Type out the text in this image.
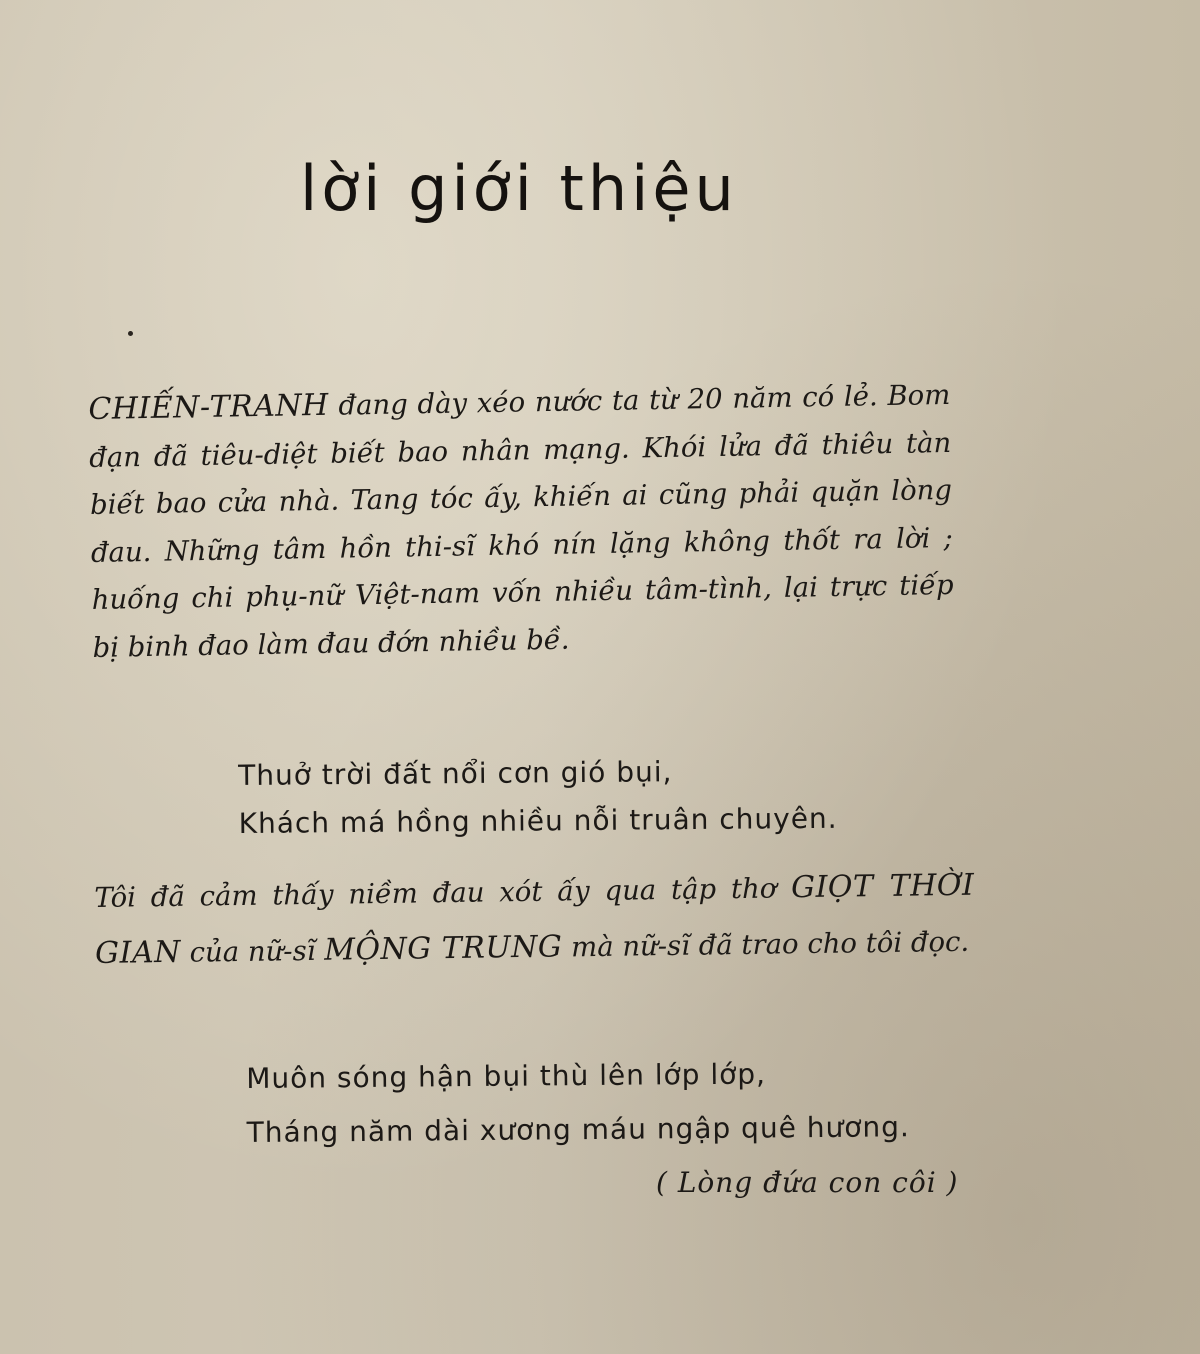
lời giới thiệu

CHIẾN-TRANH đang dày xéo nước ta từ 20 năm có lẻ. Bom đạn đã tiêu-diệt biết bao nhân mạng. Khói lửa đã thiêu tàn biết bao cửa nhà. Tang tóc ấy, khiến ai cũng phải quặn lòng đau. Những tâm hồn thi-sĩ khó nín lặng không thốt ra lời ; huống chi phụ-nữ Việt-nam vốn nhiều tâm-tình, lại trực tiếp bị binh đao làm đau đớn nhiều bề.

Thuở trời đất nổi cơn gió bụi,
Khách má hồng nhiều nỗi truân chuyên.

Tôi đã cảm thấy niềm đau xót ấy qua tập thơ GIỌT THỜI GIAN của nữ-sĩ MỘNG TRUNG mà nữ-sĩ đã trao cho tôi đọc.

Muôn sóng hận bụi thù lên lớp lớp,
Tháng năm dài xương máu ngập quê hương.
( Lòng đứa con côi )
